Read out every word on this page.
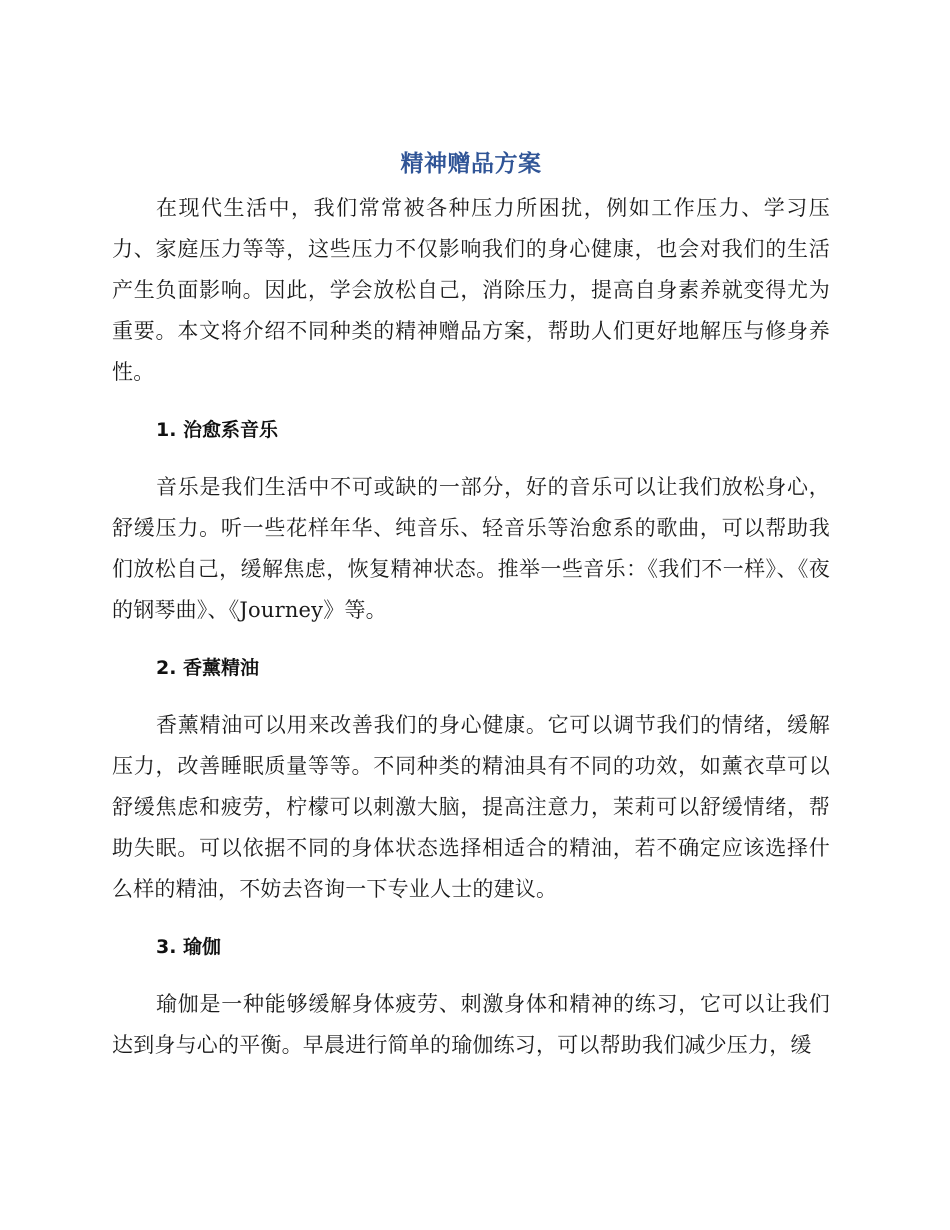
精神赠品方案

在现代生活中，我们常常被各种压力所困扰，例如工作压力、学习压力、家庭压力等等，这些压力不仅影响我们的身心健康，也会对我们的生活产生负面影响。因此，学会放松自己，消除压力，提高自身素养就变得尤为重要。本文将介绍不同种类的精神赠品方案，帮助人们更好地解压与修身养性。

1. 治愈系音乐

音乐是我们生活中不可或缺的一部分，好的音乐可以让我们放松身心，舒缓压力。听一些花样年华、纯音乐、轻音乐等治愈系的歌曲，可以帮助我们放松自己，缓解焦虑，恢复精神状态。推举一些音乐：《我们不一样》、《夜的钢琴曲》、《Journey》等。

2. 香薰精油

香薰精油可以用来改善我们的身心健康。它可以调节我们的情绪，缓解压力，改善睡眠质量等等。不同种类的精油具有不同的功效，如薰衣草可以舒缓焦虑和疲劳，柠檬可以刺激大脑，提高注意力，茉莉可以舒缓情绪，帮助失眠。可以依据不同的身体状态选择相适合的精油，若不确定应该选择什么样的精油，不妨去咨询一下专业人士的建议。

3. 瑜伽

瑜伽是一种能够缓解身体疲劳、刺激身体和精神的练习，它可以让我们达到身与心的平衡。早晨进行简单的瑜伽练习，可以帮助我们减少压力，缓
